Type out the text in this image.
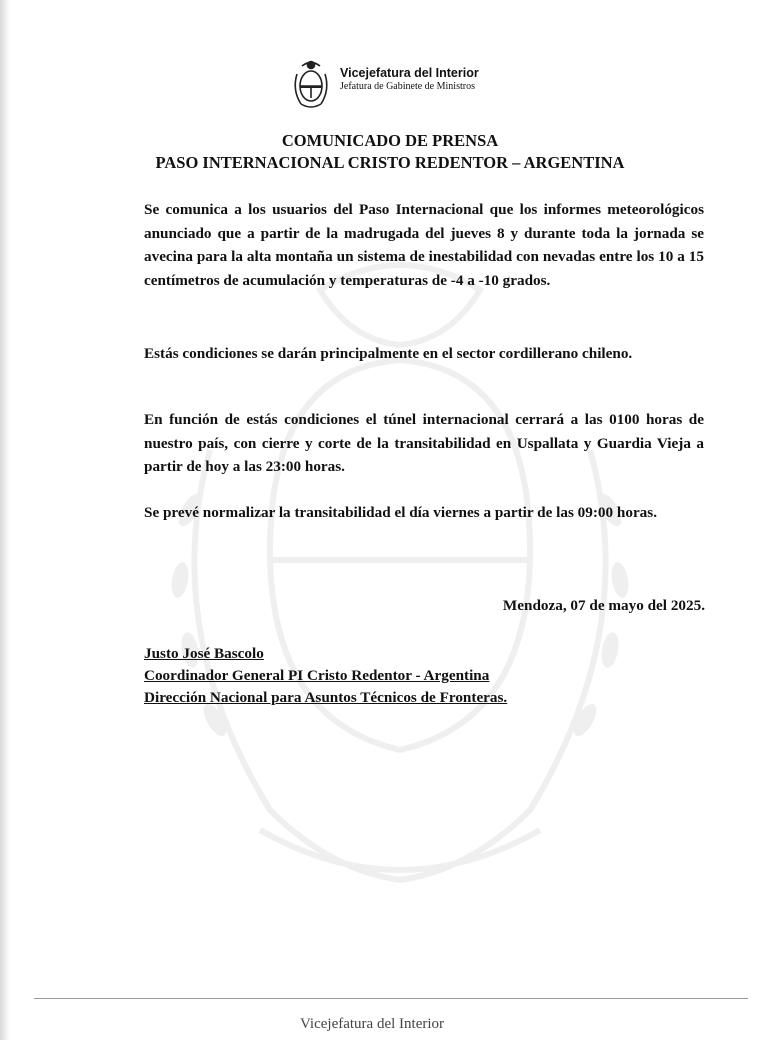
Vicejefatura del Interior
Jefatura de Gabinete de Ministros
COMUNICADO DE PRENSA
PASO INTERNACIONAL CRISTO REDENTOR – ARGENTINA
Se comunica a los usuarios del Paso Internacional que los informes meteorológicos anunciado que a partir de la madrugada del jueves 8 y durante toda la jornada se avecina para la alta montaña un sistema de inestabilidad con nevadas entre los 10 a 15 centímetros de acumulación y temperaturas de -4 a -10 grados.
Estás condiciones se darán principalmente en el sector cordillerano chileno.
En función de estás condiciones el túnel internacional cerrará a las 0100 horas de nuestro país, con cierre y corte de la transitabilidad en Uspallata y Guardia Vieja a partir de hoy a las 23:00 horas.
Se prevé normalizar la transitabilidad el día viernes a partir de las 09:00 horas.
Mendoza, 07 de mayo del 2025.
Justo José Bascolo
Coordinador General PI Cristo Redentor - Argentina
Dirección Nacional para Asuntos Técnicos de Fronteras.
Vicejefatura del Interior
